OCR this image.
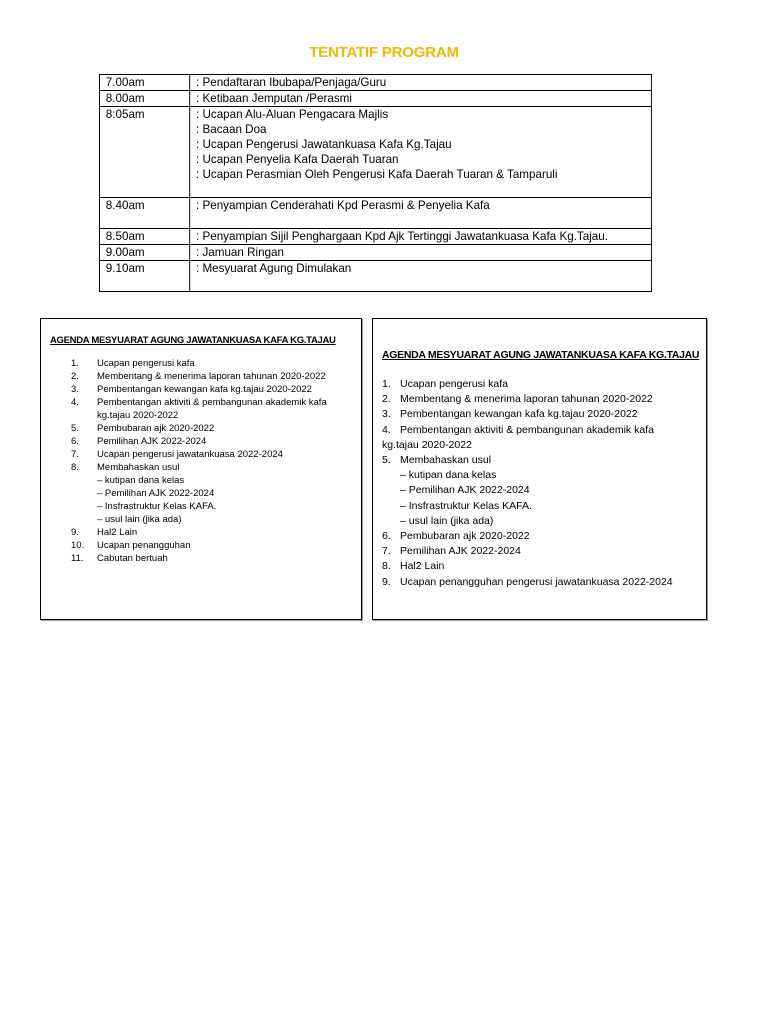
TENTATIF PROGRAM
7.00am	: Pendaftaran Ibubapa/Penjaga/Guru

8.00am	: Ketibaan Jemputan /Perasmi

8:05am	: Ucapan Alu-Aluan Pengacara Majlis
: Bacaan Doa
: Ucapan Pengerusi Jawatankuasa Kafa Kg.Tajau
: Ucapan Penyelia Kafa Daerah Tuaran
: Ucapan Perasmian Oleh Pengerusi Kafa Daerah Tuaran & Tamparuli

8.40am	: Penyampian Cenderahati Kpd Perasmi & Penyelia Kafa

8.50am	: Penyampian Sijil Penghargaan Kpd Ajk Tertinggi Jawatankuasa Kafa Kg.Tajau.

9.00am	: Jamuan Ringan

9.10am	: Mesyuarat Agung Dimulakan
AGENDA MESYUARAT AGUNG JAWATANKUASA KAFA KG.TAJAU
1. Ucapan pengerusi kafa
2. Membentang & menerima laporan tahunan 2020-2022
3. Pembentangan kewangan kafa kg.tajau 2020-2022
4. Pembentangan aktiviti & pembangunan akademik kafa
kg.tajau 2020-2022
5. Pembubaran ajk 2020-2022
6. Pemilihan AJK 2022-2024
7. Ucapan pengerusi jawatankuasa 2022-2024
8. Membahaskan usul
– kutipan dana kelas
– Pemilihan AJK 2022-2024
– Insfrastruktur Kelas KAFA.
– usul lain (jika ada)
9. Hal2 Lain
10. Ucapan penangguhan
11. Cabutan bertuah
AGENDA MESYUARAT AGUNG JAWATANKUASA KAFA KG.TAJAU
1. Ucapan pengerusi kafa
2. Membentang & menerima laporan tahunan 2020-2022
3. Pembentangan kewangan kafa kg.tajau 2020-2022
4. Pembentangan aktiviti & pembangunan akademik kafa
kg.tajau 2020-2022
5. Membahaskan usul
– kutipan dana kelas
– Pemilihan AJK 2022-2024
– Insfrastruktur Kelas KAFA.
– usul lain (jika ada)
6. Pembubaran ajk 2020-2022
7. Pemilihan AJK 2022-2024
8. Hal2 Lain
9. Ucapan penangguhan pengerusi jawatankuasa 2022-2024
